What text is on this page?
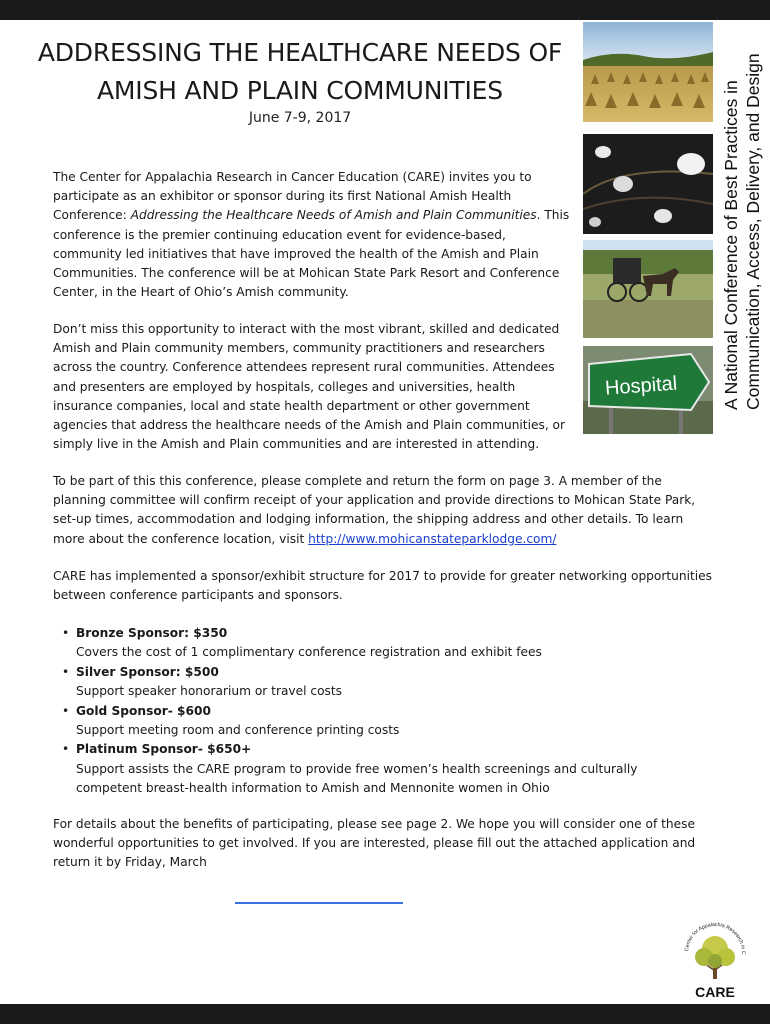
ADDRESSING THE HEALTHCARE NEEDS OF
AMISH AND PLAIN COMMUNITIES
June 7-9, 2017
Hospital A National Conference of Best Practices in Communication, Access, Delivery, and Design

The Center for Appalachia Research in Cancer Education (CARE) invites you to participate as an exhibitor or sponsor during its first National Amish Health Conference: Addressing the Healthcare Needs of Amish and Plain Communities. This conference is the premier continuing education event for evidence-based, community led initiatives that have improved the health of the Amish and Plain Communities. The conference will be at Mohican State Park Resort and Conference Center, in the Heart of Ohio’s Amish community.

Don’t miss this opportunity to interact with the most vibrant, skilled and dedicated Amish and Plain community members, community practitioners and researchers across the country. Conference attendees represent rural communities. Attendees and presenters are employed by hospitals, colleges and universities, health insurance companies, local and state health department or other government agencies that address the healthcare needs of the Amish and Plain communities, or simply live in the Amish and Plain communities and are interested in attending.

To be part of this this conference, please complete and return the form on page 3. A member of the planning committee will confirm receipt of your application and provide directions to Mohican State Park, set-up times, accommodation and lodging information, the shipping address and other details. To learn more about the conference location, visit http://www.mohicanstateparklodge.com/

CARE has implemented a sponsor/exhibit structure for 2017 to provide for greater networking opportunities between conference participants and sponsors.

• Bronze Sponsor: $350
Covers the cost of 1 complimentary conference registration and exhibit fees
• Silver Sponsor: $500
Support speaker honorarium or travel costs
• Gold Sponsor- $600
Support meeting room and conference printing costs
• Platinum Sponsor- $650+
Support assists the CARE program to provide free women’s health screenings and culturally competent breast-health information to Amish and Mennonite women in Ohio

For details about the benefits of participating, please see page 2. We hope you will consider one of these wonderful opportunities to get involved. If you are interested, please fill out the attached application and return it by Friday, March

Center for Appalachia Research in C
CARE
